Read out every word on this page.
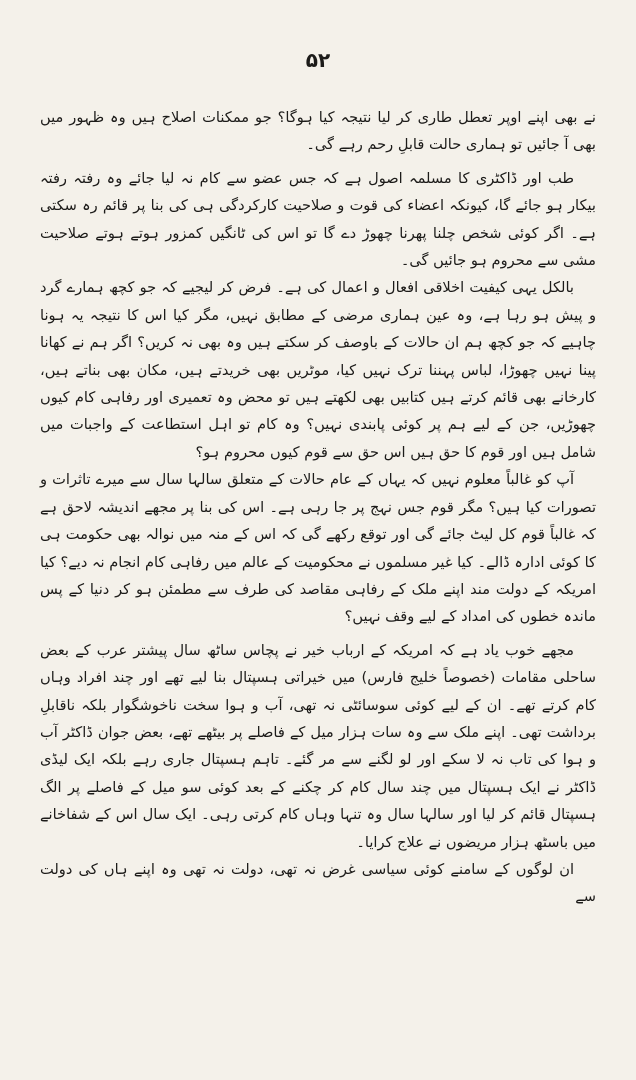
۵۲

نے بھی اپنے اوپر تعطل طاری کر لیا نتیجہ کیا ہوگا؟ جو ممکنات اصلاح ہیں وہ ظہور میں بھی آ جائیں تو ہماری حالت قابلِ رحم رہے گی۔

طب اور ڈاکٹری کا مسلمہ اصول ہے کہ جس عضو سے کام نہ لیا جائے وہ رفتہ رفتہ بیکار ہو جائے گا، کیونکہ اعضاء کی قوت و صلاحیت کارکردگی ہی کی بنا پر قائم رہ سکتی ہے۔ اگر کوئی شخص چلنا پھرنا چھوڑ دے گا تو اس کی ٹانگیں کمزور ہوتے ہوتے صلاحیت مشی سے محروم ہو جائیں گی۔

بالکل یہی کیفیت اخلاقی افعال و اعمال کی ہے۔ فرض کر لیجیے کہ جو کچھ ہمارے گرد و پیش ہو رہا ہے، وہ عین ہماری مرضی کے مطابق نہیں، مگر کیا اس کا نتیجہ یہ ہونا چاہیے کہ جو کچھ ہم ان حالات کے باوصف کر سکتے ہیں وہ بھی نہ کریں؟ اگر ہم نے کھانا پینا نہیں چھوڑا، لباس پہننا ترک نہیں کیا، موٹریں بھی خریدتے ہیں، مکان بھی بناتے ہیں، کارخانے بھی قائم کرتے ہیں کتابیں بھی لکھتے ہیں تو محض وہ تعمیری اور رفاہی کام کیوں چھوڑیں، جن کے لیے ہم پر کوئی پابندی نہیں؟ وہ کام تو اہل استطاعت کے واجبات میں شامل ہیں اور قوم کا حق ہیں اس حق سے قوم کیوں محروم ہو؟

آپ کو غالباً معلوم نہیں کہ یہاں کے عام حالات کے متعلق سالہا سال سے میرے تاثرات و تصورات کیا ہیں؟ مگر قوم جس نہج پر جا رہی ہے۔ اس کی بنا پر مجھے اندیشہ لاحق ہے کہ غالباً قوم کل لیٹ جائے گی اور توقع رکھے گی کہ اس کے منہ میں نوالہ بھی حکومت ہی کا کوئی ادارہ ڈالے۔ کیا غیر مسلموں نے محکومیت کے عالم میں رفاہی کام انجام نہ دیے؟ کیا امریکہ کے دولت مند اپنے ملک کے رفاہی مقاصد کی طرف سے مطمئن ہو کر دنیا کے پس ماندہ خطوں کی امداد کے لیے وقف نہیں؟

مجھے خوب یاد ہے کہ امریکہ کے ارباب خیر نے پچاس ساٹھ سال پیشتر عرب کے بعض ساحلی مقامات (خصوصاً خلیج فارس) میں خیراتی ہسپتال بنا لیے تھے اور چند افراد وہاں کام کرتے تھے۔ ان کے لیے کوئی سوسائٹی نہ تھی، آب و ہوا سخت ناخوشگوار بلکہ ناقابلِ برداشت تھی۔ اپنے ملک سے وہ سات ہزار میل کے فاصلے پر بیٹھے تھے، بعض جوان ڈاکٹر آب و ہوا کی تاب نہ لا سکے اور لو لگنے سے مر گئے۔ تاہم ہسپتال جاری رہے بلکہ ایک لیڈی ڈاکٹر نے ایک ہسپتال میں چند سال کام کر چکنے کے بعد کوئی سو میل کے فاصلے پر الگ ہسپتال قائم کر لیا اور سالہا سال وہ تنہا وہاں کام کرتی رہی۔ ایک سال اس کے شفاخانے میں باسٹھ ہزار مریضوں نے علاج کرایا۔

ان لوگوں کے سامنے کوئی سیاسی غرض نہ تھی، دولت نہ تھی وہ اپنے ہاں کی دولت سے
